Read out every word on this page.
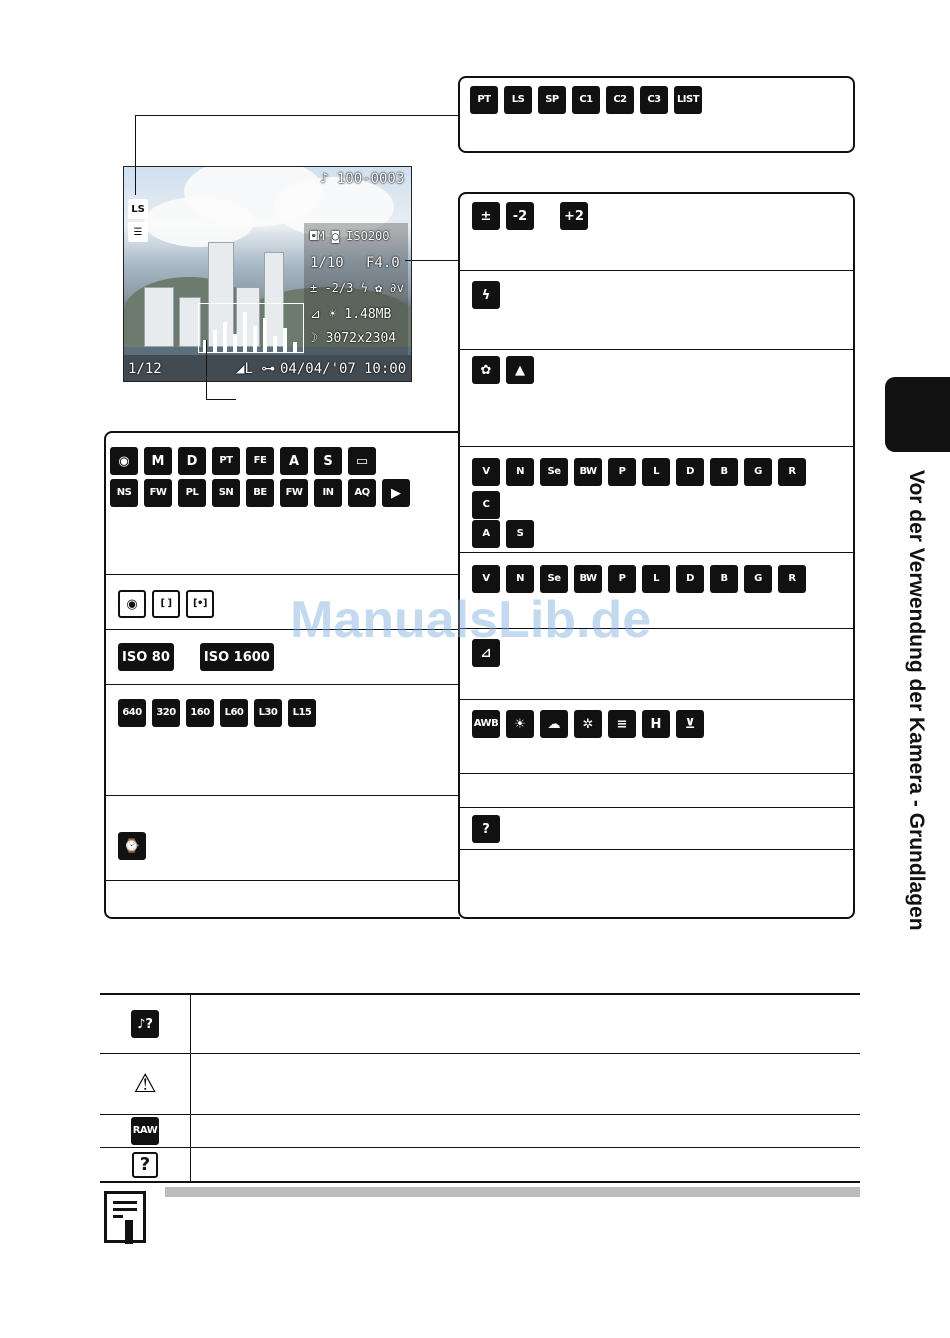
LS
☰
♪ 100-0003
◘M ◙ ISO200
1/10 F4.0
± -2/3 ϟ ✿ ∂v
⊿ ☀ 1.48MB
☽ 3072x2304
1/12	◢L ⊶ 04/04/'07 10:00
PT	LS	SP	C1	C2	C3	LIST
±	-2	+2
ϟ
✿	▲
V	N	Se	BW	P	L	D	B	G	R
C
A	S
V	N	Se	BW	P	L	D	B	G	R
⊿
AWB	☀	☁	✲	≡	H	⊻
?
◉	M	D	PT	FE	A	S	▭
NS	FW	PL	SN	BE	FW	IN	AQ	▶
◉	[ ]	[•]
ISO 80	ISO 1600
640	320	160	L60	L30	L15
⌚
♪?
⚠
RAW
?
Vor der Verwendung der Kamera - Grundlagen
ManualsLib.de
